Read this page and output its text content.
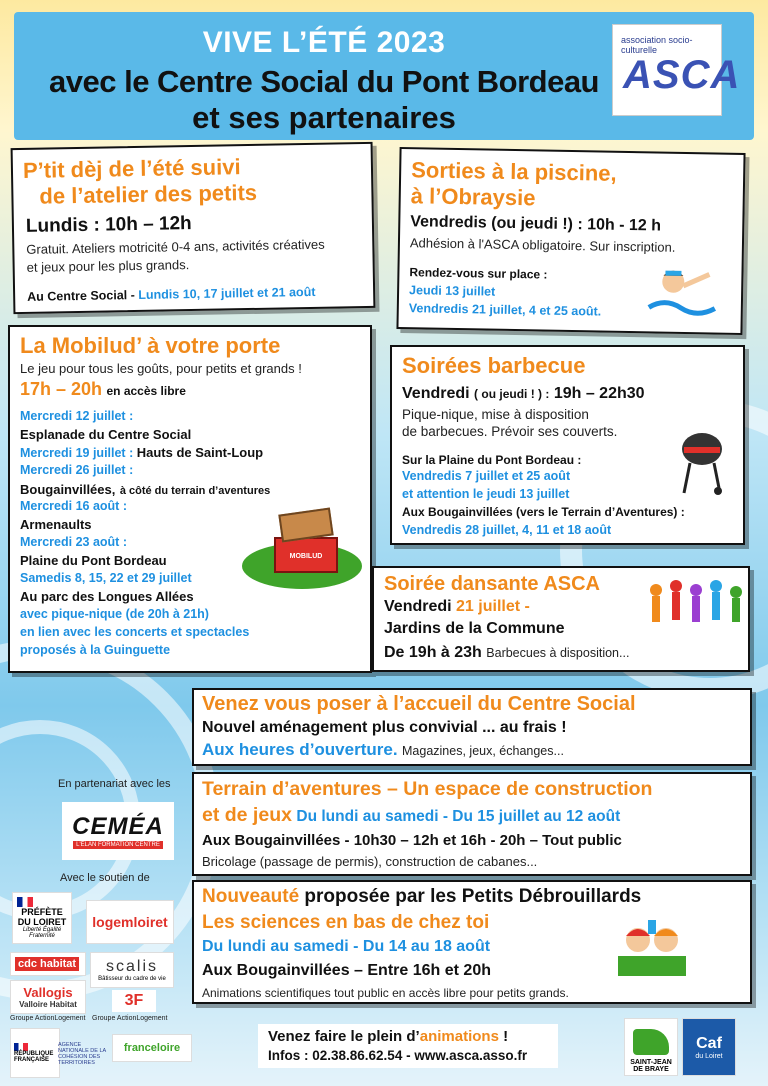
VIVE L’ÉTÉ 2023
avec le Centre Social du Pont Bordeau
et ses partenaires
association socio-culturelle
ASCA
P’tit dèj de l’été suivi
de l’atelier des petits
Lundis : 10h – 12h
Gratuit. Ateliers motricité 0-4 ans, activités créatives
et jeux pour les plus grands.
Au Centre Social - Lundis 10, 17 juillet et 21 août
Sorties à la piscine,
à l’Obraysie
Vendredis (ou jeudi !) : 10h - 12 h
Adhésion à l'ASCA obligatoire. Sur inscription.
Rendez-vous sur place :
Jeudi 13 juillet
Vendredis 21 juillet, 4 et 25 août.
La Mobilud’ à votre porte
Le jeu pour tous les goûts, pour petits et grands !
17h – 20h en accès libre
Mercredi 12 juillet :
Esplanade du Centre Social
Mercredi 19 juillet : Hauts de Saint-Loup
Mercredi 26 juillet :
Bougainvillées, à côté du terrain d’aventures
Mercredi 16 août :
Armenaults
Mercredi 23 août :
Plaine du Pont Bordeau
Samedis 8, 15, 22 et 29 juillet
Au parc des Longues Allées
avec pique-nique (de 20h à 21h)
en lien avec les concerts et spectacles
proposés à la Guinguette
MOBILUD
Soirées barbecue
Vendredi ( ou jeudi ! ) : 19h – 22h30
Pique-nique, mise à disposition
de barbecues. Prévoir ses couverts.
Sur la Plaine du Pont Bordeau :
Vendredis 7 juillet et 25 août
et attention le jeudi 13 juillet
Aux Bougainvillées (vers le Terrain d’Aventures) :
Vendredis 28 juillet, 4, 11 et 18 août
Soirée dansante ASCA
Vendredi 21 juillet -
Jardins de la Commune
De 19h à 23h Barbecues à disposition...
Venez vous poser à l’accueil du Centre Social
Nouvel aménagement plus convivial ... au frais !
Aux heures d’ouverture. Magazines, jeux, échanges...
Terrain d’aventures – Un espace de construction
et de jeux Du lundi au samedi - Du 15 juillet au 12 août
Aux Bougainvillées - 10h30 – 12h et 16h - 20h – Tout public
Bricolage (passage de permis), construction de cabanes...
Nouveauté proposée par les Petits Débrouillards
Les sciences en bas de chez toi
Du lundi au samedi - Du 14 au 18 août
Aux Bougainvillées – Entre 16h et 20h
Animations scientifiques tout public en accès libre pour petits grands.
En partenariat avec les
CEMÉA
L'ÉLAN FORMATION CENTRE
Avec le soutien de
PRÉFÈTE DU LOIRET
Liberté Égalité Fraternité
logemloiret
cdc habitat scalis
Bâtisseur du cadre de vie
Vallogis
Valloire Habitat
Groupe ActionLogement
3F
Groupe ActionLogement
RÉPUBLIQUE FRANÇAISE
AGENCE NATIONALE DE LA COHÉSION DES TERRITOIRES
franceloire
Venez faire le plein d’animations !
Infos : 02.38.86.62.54 - www.asca.asso.fr	SAINT-JEAN DE BRAYE
Caf
du Loiret
